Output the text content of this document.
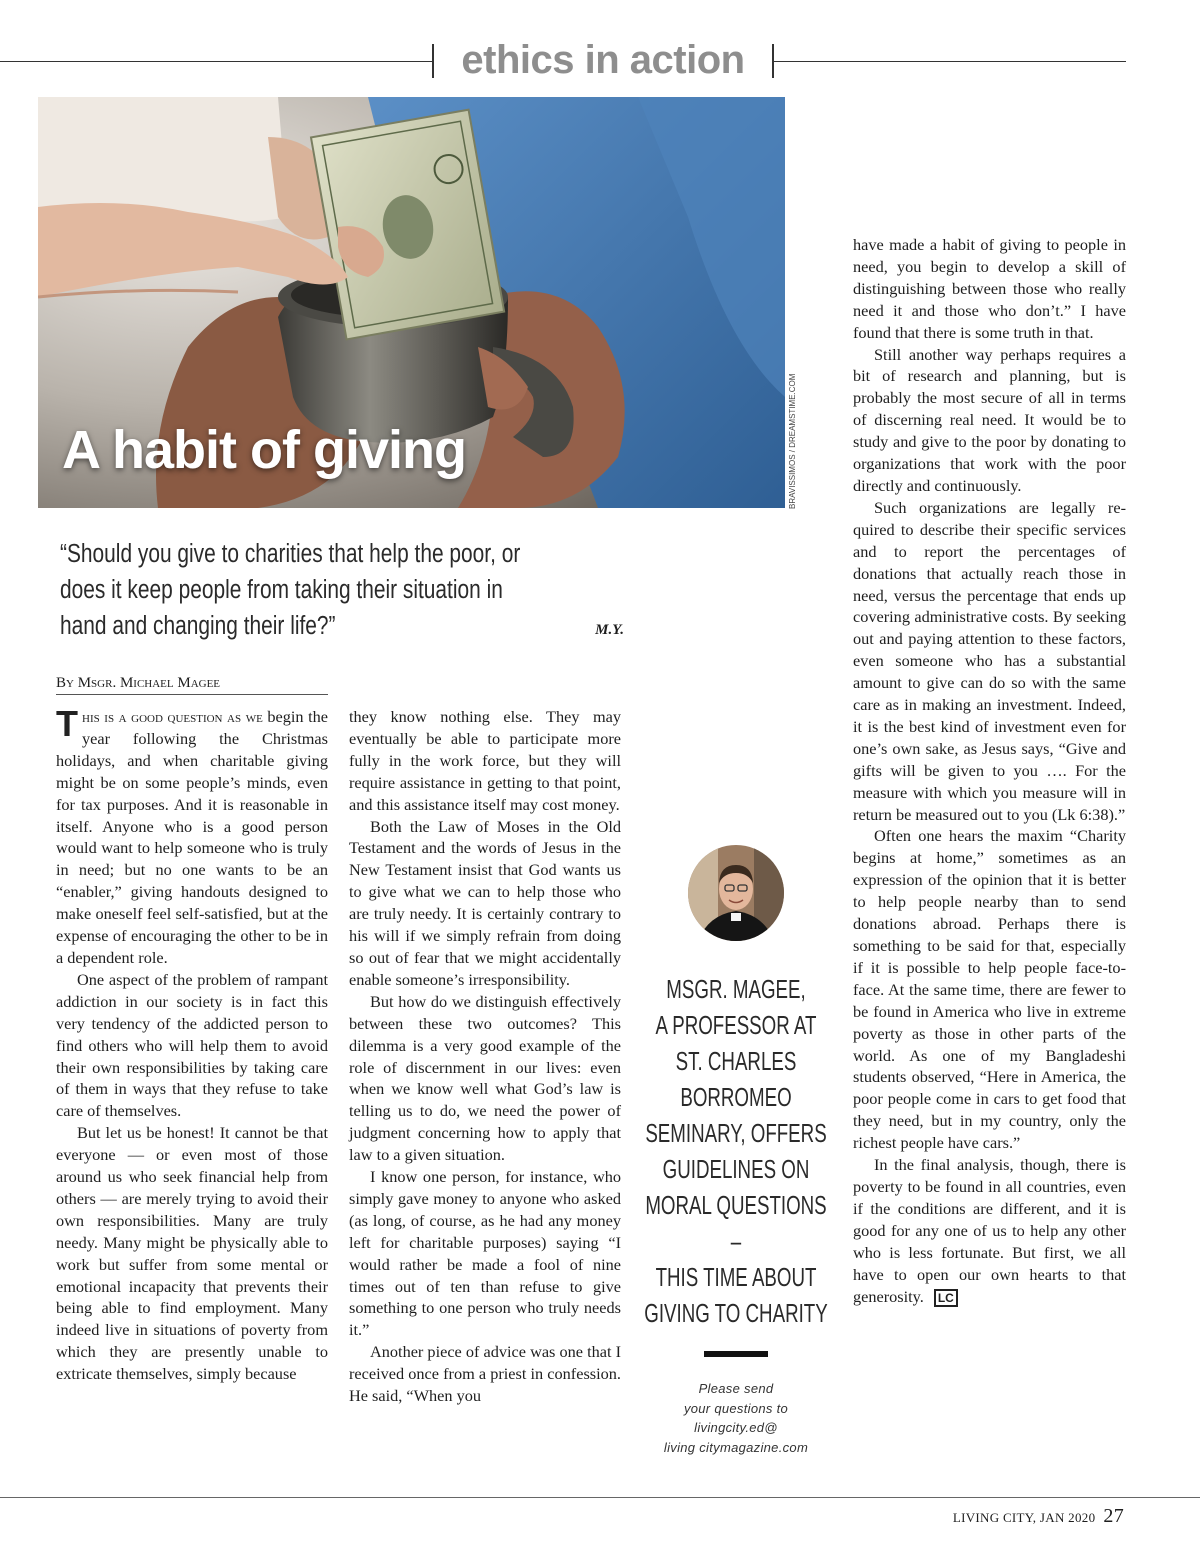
ethics in action
A habit of giving	BRAVISSIMOS / DREAMSTIME.COM
“Should you give to charities that help the poor, or does it keep people from taking their situation in hand and changing their life?”	M.Y.
By Msgr. Michael Magee

This is a good question as we begin the year following the Christmas holidays, and when charitable giving might be on some people’s minds, even for tax purposes. And it is reasonable in itself. Anyone who is a good person would want to help someone who is truly in need; but no one wants to be an “enabler,” giving handouts designed to make oneself feel self-satisfied, but at the expense of encouraging the other to be in a dependent role.

One aspect of the problem of rampant addiction in our society is in fact this very tendency of the addicted person to find others who will help them to avoid their own responsibilities by taking care of them in ways that they refuse to take care of themselves.

But let us be honest! It cannot be that everyone — or even most of those around us who seek financial help from others — are merely trying to avoid their own responsibilities. Many are truly needy. Many might be physically able to work but suffer from some mental or emotional incapacity that prevents their being able to find employment. Many indeed live in situations of poverty from which they are presently unable to extricate themselves, simply because

they know nothing else. They may eventually be able to participate more fully in the work force, but they will require assistance in getting to that point, and this assistance itself may cost money.

Both the Law of Moses in the Old Testament and the words of Jesus in the New Testament insist that God wants us to give what we can to help those who are truly needy. It is certainly contrary to his will if we simply refrain from doing so out of fear that we might accidentally enable someone’s irresponsibility.

But how do we distinguish effectively between these two outcomes? This dilemma is a very good example of the role of discernment in our lives: even when we know well what God’s law is telling us to do, we need the power of judgment concerning how to apply that law to a given situation.

I know one person, for instance, who simply gave money to anyone who asked (as long, of course, as he had any money left for charitable purposes) saying “I would rather be made a fool of nine times out of ten than refuse to give something to one person who truly needs it.”

Another piece of advice was one that I received once from a priest in confession. He said, “When you

MSGR. MAGEE,
A PROFESSOR AT
ST. CHARLES BORROMEO
SEMINARY, OFFERS
GUIDELINES ON
MORAL QUESTIONS –
THIS TIME ABOUT
GIVING TO CHARITY
Please send
your questions to
livingcity.ed@
living citymagazine.com

have made a habit of giving to people in need, you begin to develop a skill of distinguishing between those who really need it and those who don’t.” I have found that there is some truth in that.

Still another way perhaps requires a bit of research and planning, but is probably the most secure of all in terms of discerning real need. It would be to study and give to the poor by donating to organizations that work with the poor directly and continuously.

Such organizations are legally required to describe their specific services and to report the percentages of donations that actually reach those in need, versus the percentage that ends up covering administrative costs. By seeking out and paying attention to these factors, even someone who has a substantial amount to give can do so with the same care as in making an investment. Indeed, it is the best kind of investment even for one’s own sake, as Jesus says, “Give and gifts will be given to you …. For the measure with which you measure will in return be measured out to you (Lk 6:38).”

Often one hears the maxim “Charity begins at home,” sometimes as an expression of the opinion that it is better to help people nearby than to send donations abroad. Perhaps there is something to be said for that, especially if it is possible to help people face-to-face. At the same time, there are fewer to be found in America who live in extreme poverty as those in other parts of the world. As one of my Bangladeshi students observed, “Here in America, the poor people come in cars to get food that they need, but in my country, only the richest people have cars.”

In the final analysis, though, there is poverty to be found in all countries, even if the conditions are different, and it is good for any one of us to help any other who is less fortunate. But first, we all have to open our own hearts to that generosity. LC

LIVING CITY, JAN 2020 27
